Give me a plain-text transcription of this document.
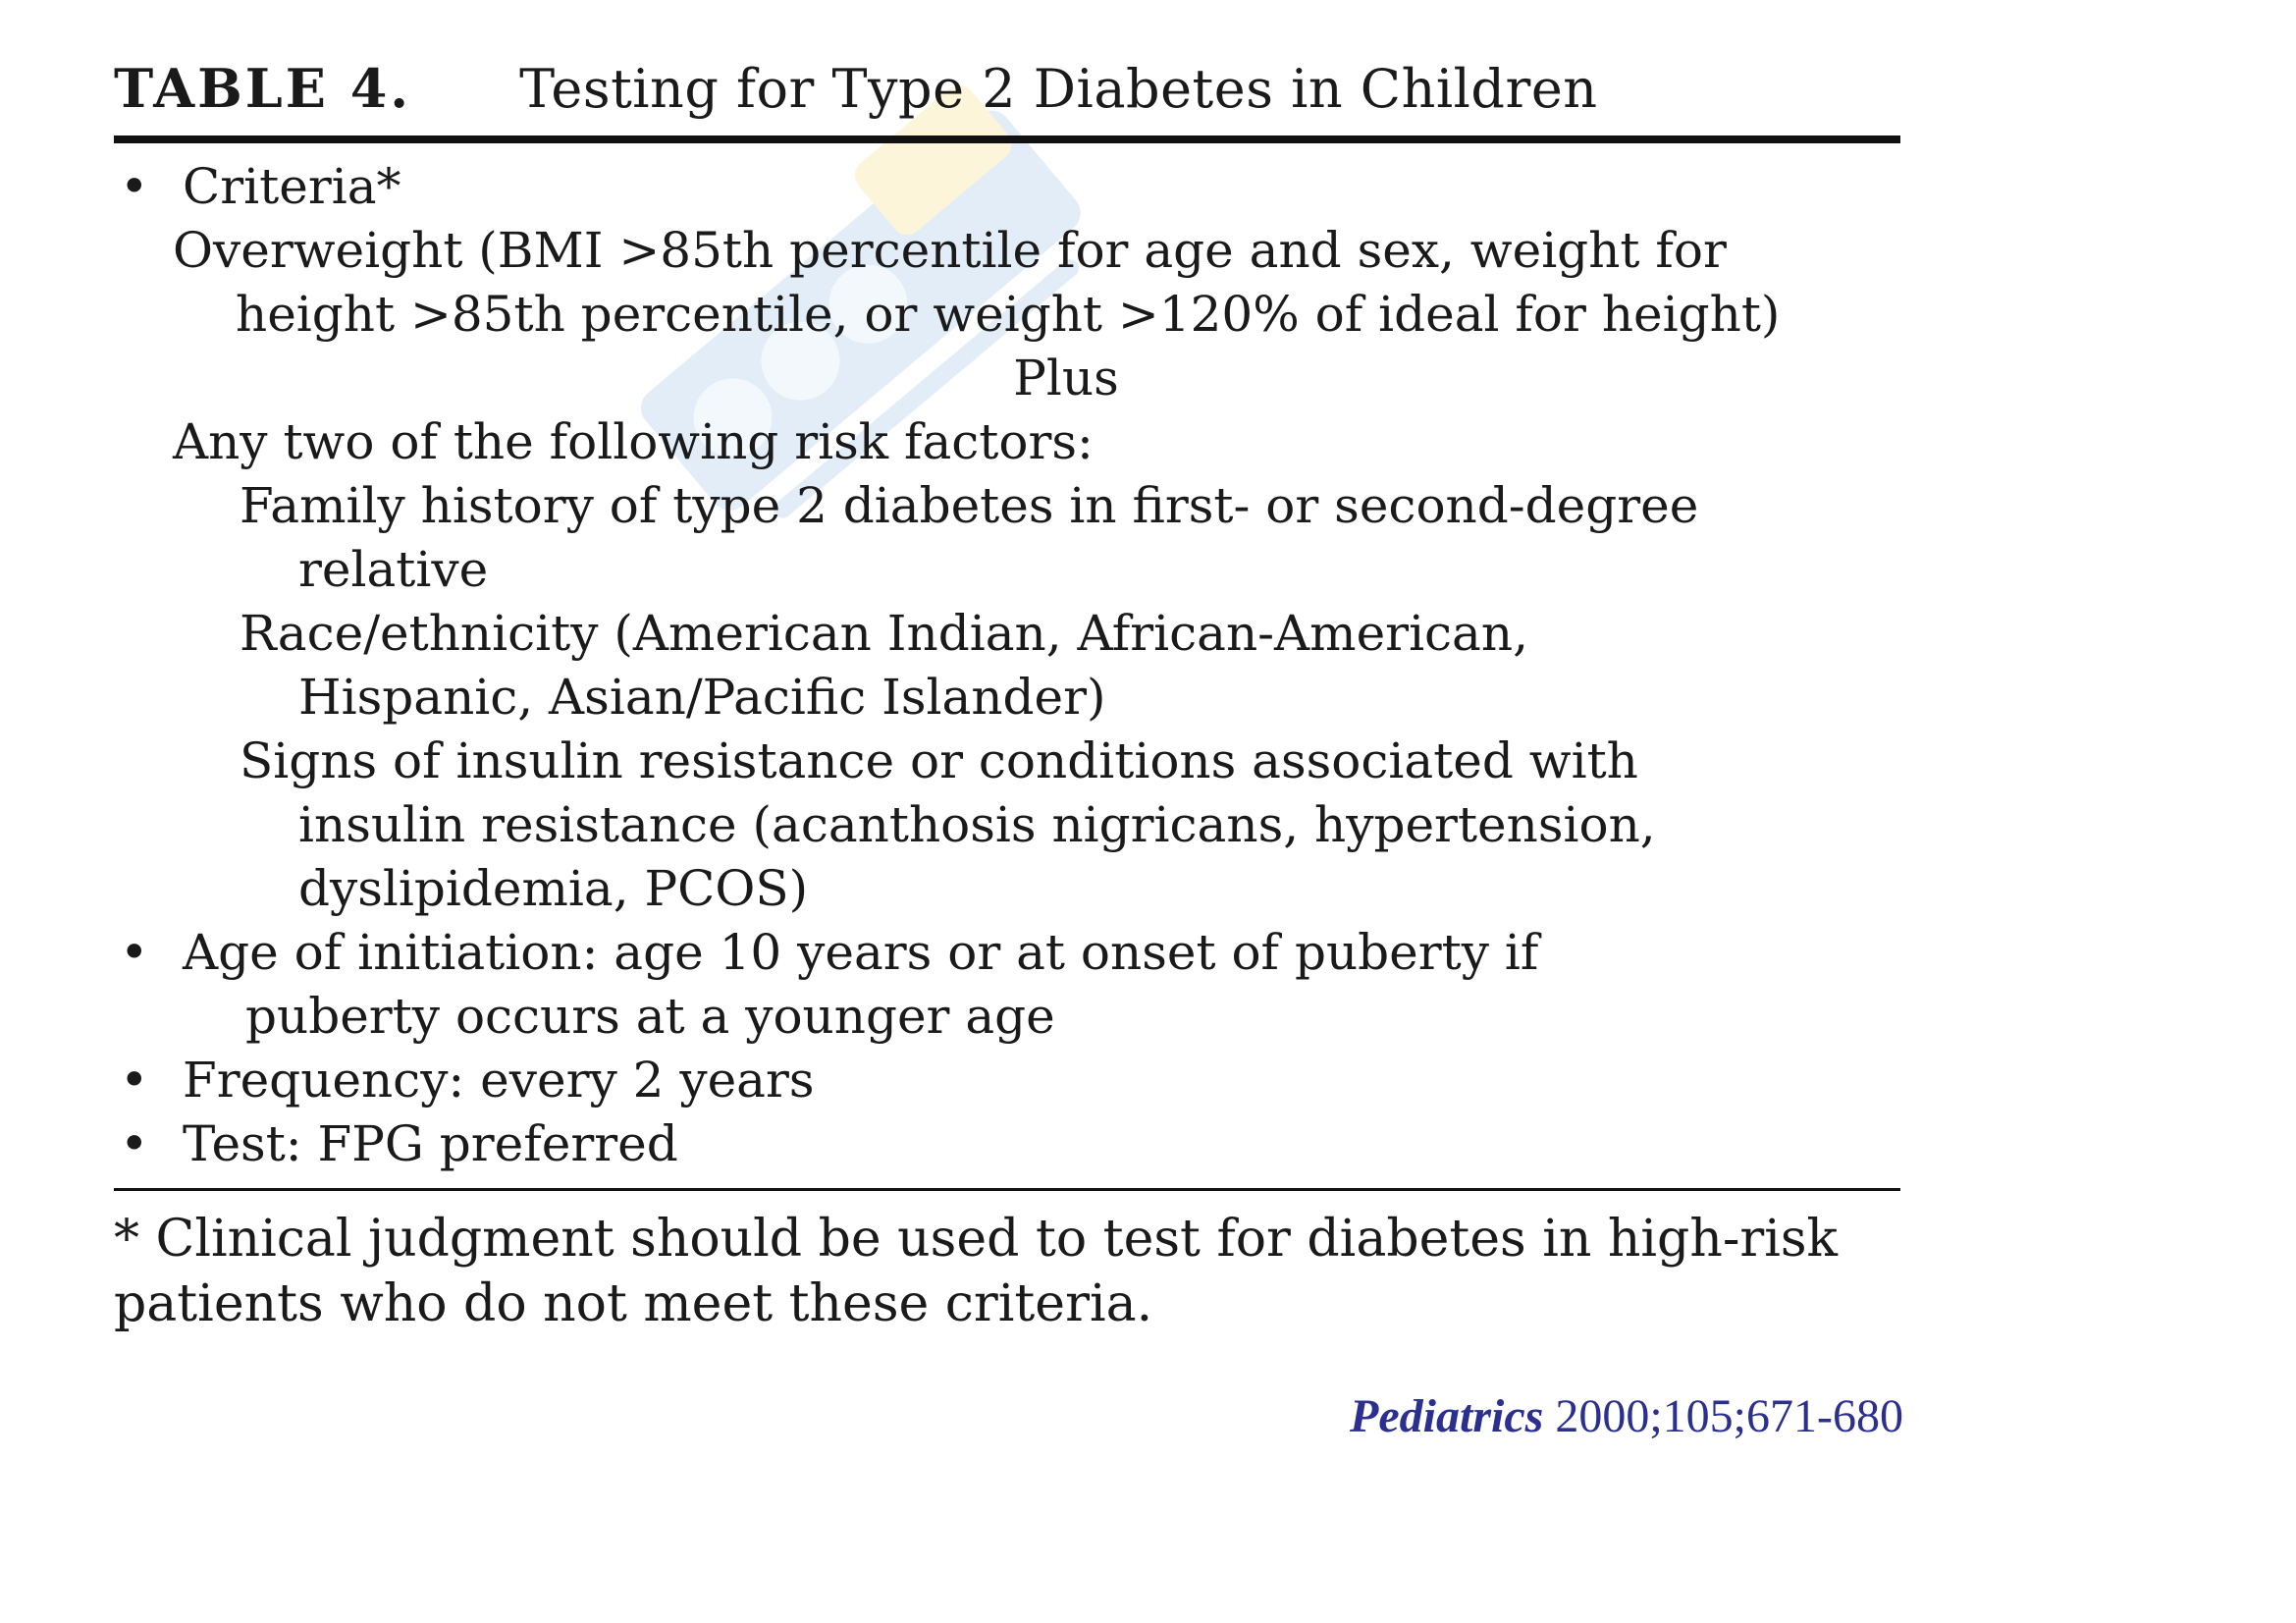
TABLE 4. Testing for Type 2 Diabetes in Children
• Criteria*
Overweight (BMI >85th percentile for age and sex, weight for
height >85th percentile, or weight >120% of ideal for height)
Plus
Any two of the following risk factors:
Family history of type 2 diabetes in first- or second-degree
relative
Race/ethnicity (American Indian, African-American,
Hispanic, Asian/Pacific Islander)
Signs of insulin resistance or conditions associated with
insulin resistance (acanthosis nigricans, hypertension,
dyslipidemia, PCOS)
• Age of initiation: age 10 years or at onset of puberty if
puberty occurs at a younger age
• Frequency: every 2 years
• Test: FPG preferred
* Clinical judgment should be used to test for diabetes in high-risk
patients who do not meet these criteria.
Pediatrics 2000;105;671-680
